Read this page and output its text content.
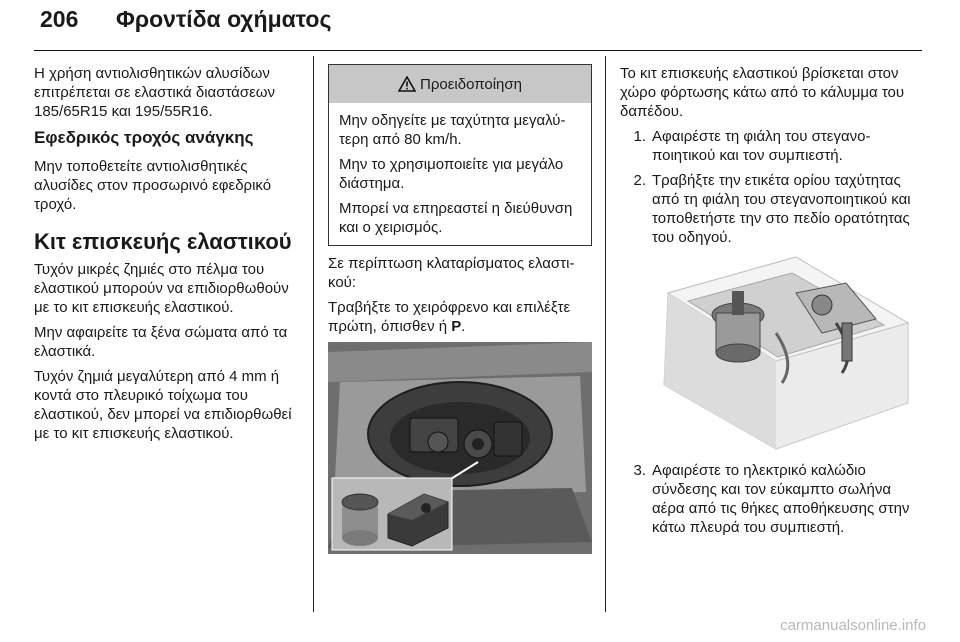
206 Φροντίδα οχήματος

Η χρήση αντιολισθητικών αλυσίδων επιτρέπεται σε ελαστικά διαστάσεων 185/65R15 και 195/55R16.

Εφεδρικός τροχός ανάγκης

Μην τοποθετείτε αντιολισθητικές αλυσίδες στον προσωρινό εφεδρικό τροχό.

Κιτ επισκευής ελαστικού

Τυχόν μικρές ζημιές στο πέλμα του ελαστικού μπορούν να επιδιορθωθούν με το κιτ επισκευής ελαστικού.

Μην αφαιρείτε τα ξένα σώματα από τα ελαστικά.

Τυχόν ζημιά μεγαλύτερη από 4 mm ή κοντά στο πλευρικό τοίχωμα του ελαστικού, δεν μπορεί να επιδιορθωθεί με το κιτ επισκευής ελαστικού.

Προειδοποίηση

Μην οδηγείτε με ταχύτητα μεγαλύτερη από 80 km/h.

Μην το χρησιμοποιείτε για μεγάλο διάστημα.

Μπορεί να επηρεαστεί η διεύθυνση και ο χειρισμός.

Σε περίπτωση κλαταρίσματος ελαστικού:

Τραβήξτε το χειρόφρενο και επιλέξτε πρώτη, όπισθεν ή P.

Το κιτ επισκευής ελαστικού βρίσκεται στον χώρο φόρτωσης κάτω από το κάλυμμα του δαπέδου.

1. Αφαιρέστε τη φιάλη του στεγανοποιητικού και τον συμπιεστή.
2. Τραβήξτε την ετικέτα ορίου ταχύτητας από τη φιάλη του στεγανοποιητικού και τοποθετήστε την στο πεδίο ορατότητας του οδηγού.
3. Αφαιρέστε το ηλεκτρικό καλώδιο σύνδεσης και τον εύκαμπτο σωλήνα αέρα από τις θήκες αποθήκευσης στην κάτω πλευρά του συμπιεστή.
carmanualsonline.info
